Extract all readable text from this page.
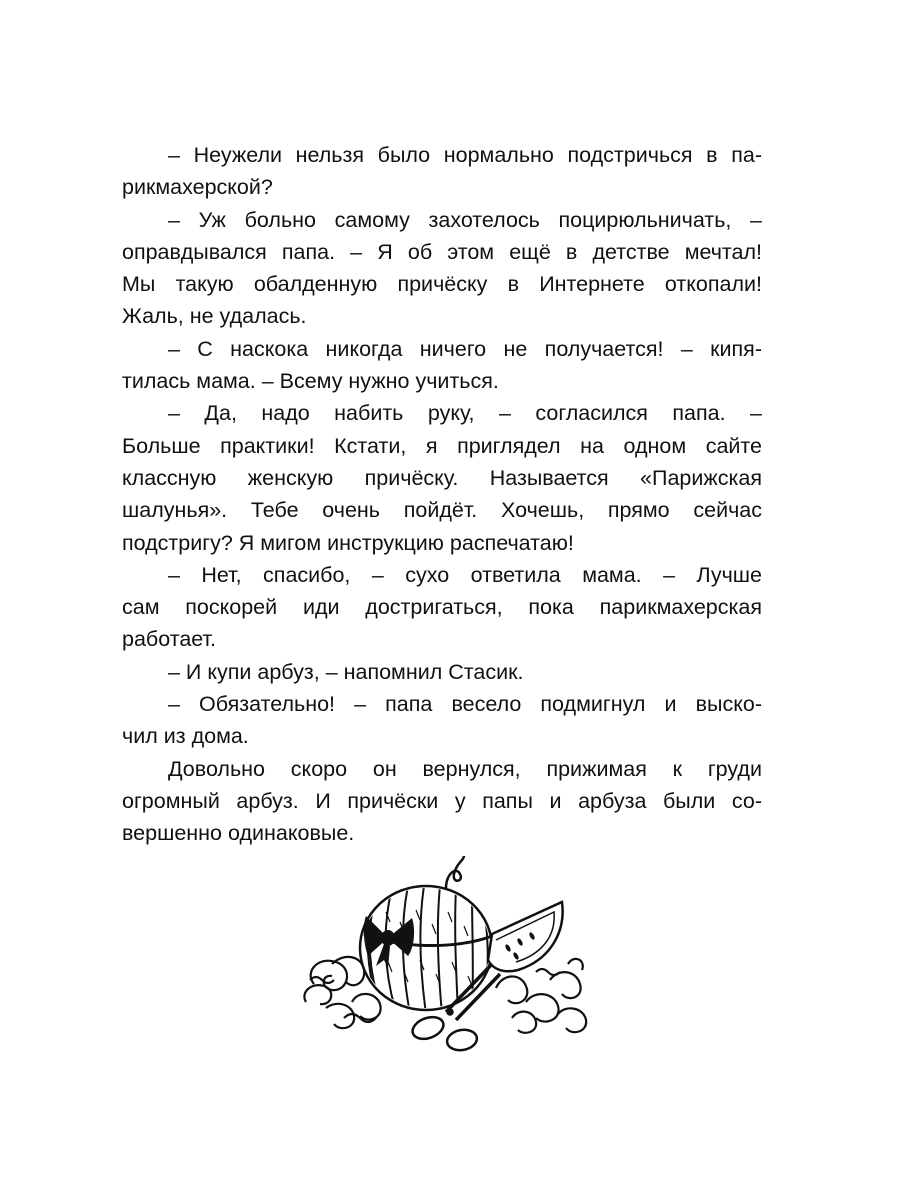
– Неужели нельзя было нормально подстричься в па-
рикмахерской?
– Уж больно самому захотелось поцирюльничать, –
оправдывался папа. – Я об этом ещё в детстве мечтал!
Мы такую обалденную причёску в Интернете откопали!
Жаль, не удалась.
– С наскока никогда ничего не получается! – кипя-
тилась мама. – Всему нужно учиться.
– Да, надо набить руку, – согласился папа. –
Больше практики! Кстати, я приглядел на одном сайте
классную женскую причёску. Называется «Парижская
шалунья». Тебе очень пойдёт. Хочешь, прямо сейчас
подстригу? Я мигом инструкцию распечатаю!
– Нет, спасибо, – сухо ответила мама. – Лучше
сам поскорей иди достригаться, пока парикмахерская
работает.
– И купи арбуз, – напомнил Стасик.
– Обязательно! – папа весело подмигнул и выско-
чил из дома.
Довольно скоро он вернулся, прижимая к груди
огромный арбуз. И причёски у папы и арбуза были со-
вершенно одинаковые.
